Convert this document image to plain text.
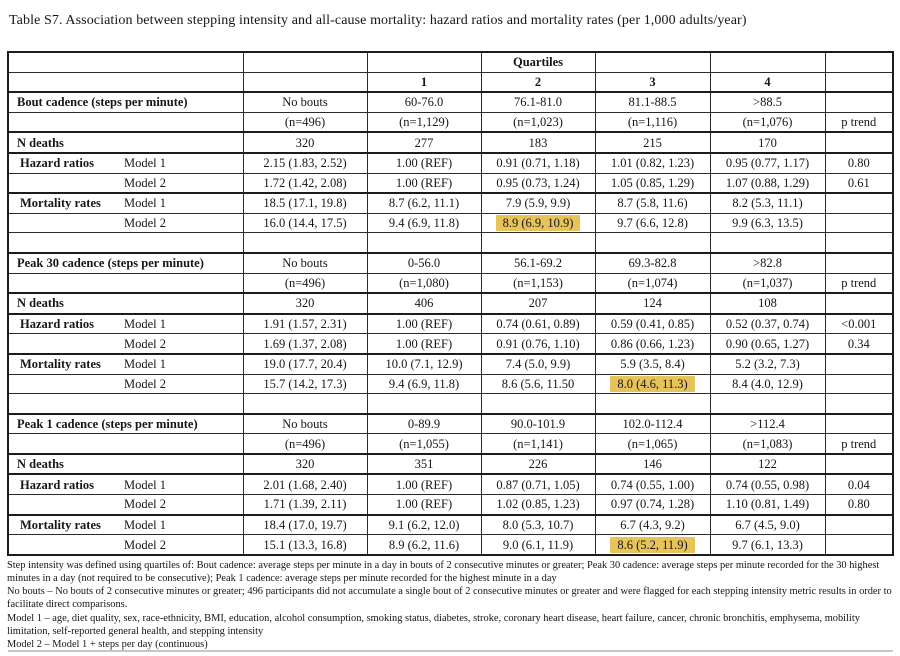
Table S7. Association between stepping intensity and all-cause mortality: hazard ratios and mortality rates (per 1,000 adults/year)

			Quartiles			
		1	2	3	4	
Bout cadence (steps per minute)	No bouts	60-76.0	76.1-81.0	81.1-88.5	>88.5	
	(n=496)	(n=1,129)	(n=1,023)	(n=1,116)	(n=1,076)	p trend
N deaths	320	277	183	215	170	

Hazard ratios Model 1	2.15 (1.83, 2.52)	1.00 (REF)	0.91 (0.71, 1.18)	1.01 (0.82, 1.23)	0.95 (0.77, 1.17)	0.80

Model 2	1.72 (1.42, 2.08)	1.00 (REF)	0.95 (0.73, 1.24)	1.05 (0.85, 1.29)	1.07 (0.88, 1.29)	0.61

Mortality rates Model 1	18.5 (17.1, 19.8)	8.7 (6.2, 11.1)	7.9 (5.9, 9.9)	8.7 (5.8, 11.6)	8.2 (5.3, 11.1)	

Model 2	16.0 (14.4, 17.5)	9.4 (6.9, 11.8)	8.9 (6.9, 10.9)	9.7 (6.6, 12.8)	9.9 (6.3, 13.5)	

Peak 30 cadence (steps per minute)	No bouts	0-56.0	56.1-69.2	69.3-82.8	>82.8	
	(n=496)	(n=1,080)	(n=1,153)	(n=1,074)	(n=1,037)	p trend
N deaths	320	406	207	124	108	

Hazard ratios Model 1	1.91 (1.57, 2.31)	1.00 (REF)	0.74 (0.61, 0.89)	0.59 (0.41, 0.85)	0.52 (0.37, 0.74)	<0.001

Model 2	1.69 (1.37, 2.08)	1.00 (REF)	0.91 (0.76, 1.10)	0.86 (0.66, 1.23)	0.90 (0.65, 1.27)	0.34

Mortality rates Model 1	19.0 (17.7, 20.4)	10.0 (7.1, 12.9)	7.4 (5.0, 9.9)	5.9 (3.5, 8.4)	5.2 (3.2, 7.3)	

Model 2	15.7 (14.2, 17.3)	9.4 (6.9, 11.8)	8.6 (5.6, 11.50	8.0 (4.6, 11.3)	8.4 (4.0, 12.9)	

Peak 1 cadence (steps per minute)	No bouts	0-89.9	90.0-101.9	102.0-112.4	>112.4	
	(n=496)	(n=1,055)	(n=1,141)	(n=1,065)	(n=1,083)	p trend
N deaths	320	351	226	146	122	

Hazard ratios Model 1	2.01 (1.68, 2.40)	1.00 (REF)	0.87 (0.71, 1.05)	0.74 (0.55, 1.00)	0.74 (0.55, 0.98)	0.04

Model 2	1.71 (1.39, 2.11)	1.00 (REF)	1.02 (0.85, 1.23)	0.97 (0.74, 1.28)	1.10 (0.81, 1.49)	0.80

Mortality rates Model 1	18.4 (17.0, 19.7)	9.1 (6.2, 12.0)	8.0 (5.3, 10.7)	6.7 (4.3, 9.2)	6.7 (4.5, 9.0)	

Model 2	15.1 (13.3, 16.8)	8.9 (6.2, 11.6)	9.0 (6.1, 11.9)	8.6 (5.2, 11.9)	9.7 (6.1, 13.3)	

Step intensity was defined using quartiles of: Bout cadence: average steps per minute in a day in bouts of 2 consecutive minutes or greater; Peak 30 cadence: average steps per minute recorded for the 30 highest minutes in a day (not required to be consecutive); Peak 1 cadence: average steps per minute recorded for the highest minute in a day

No bouts – No bouts of 2 consecutive minutes or greater; 496 participants did not accumulate a single bout of 2 consecutive minutes or greater and were flagged for each stepping intensity metric results in order to facilitate direct comparisons.

Model 1 – age, diet quality, sex, race-ethnicity, BMI, education, alcohol consumption, smoking status, diabetes, stroke, coronary heart disease, heart failure, cancer, chronic bronchitis, emphysema, mobility limitation, self-reported general health, and stepping intensity

Model 2 – Model 1 + steps per day (continuous)
